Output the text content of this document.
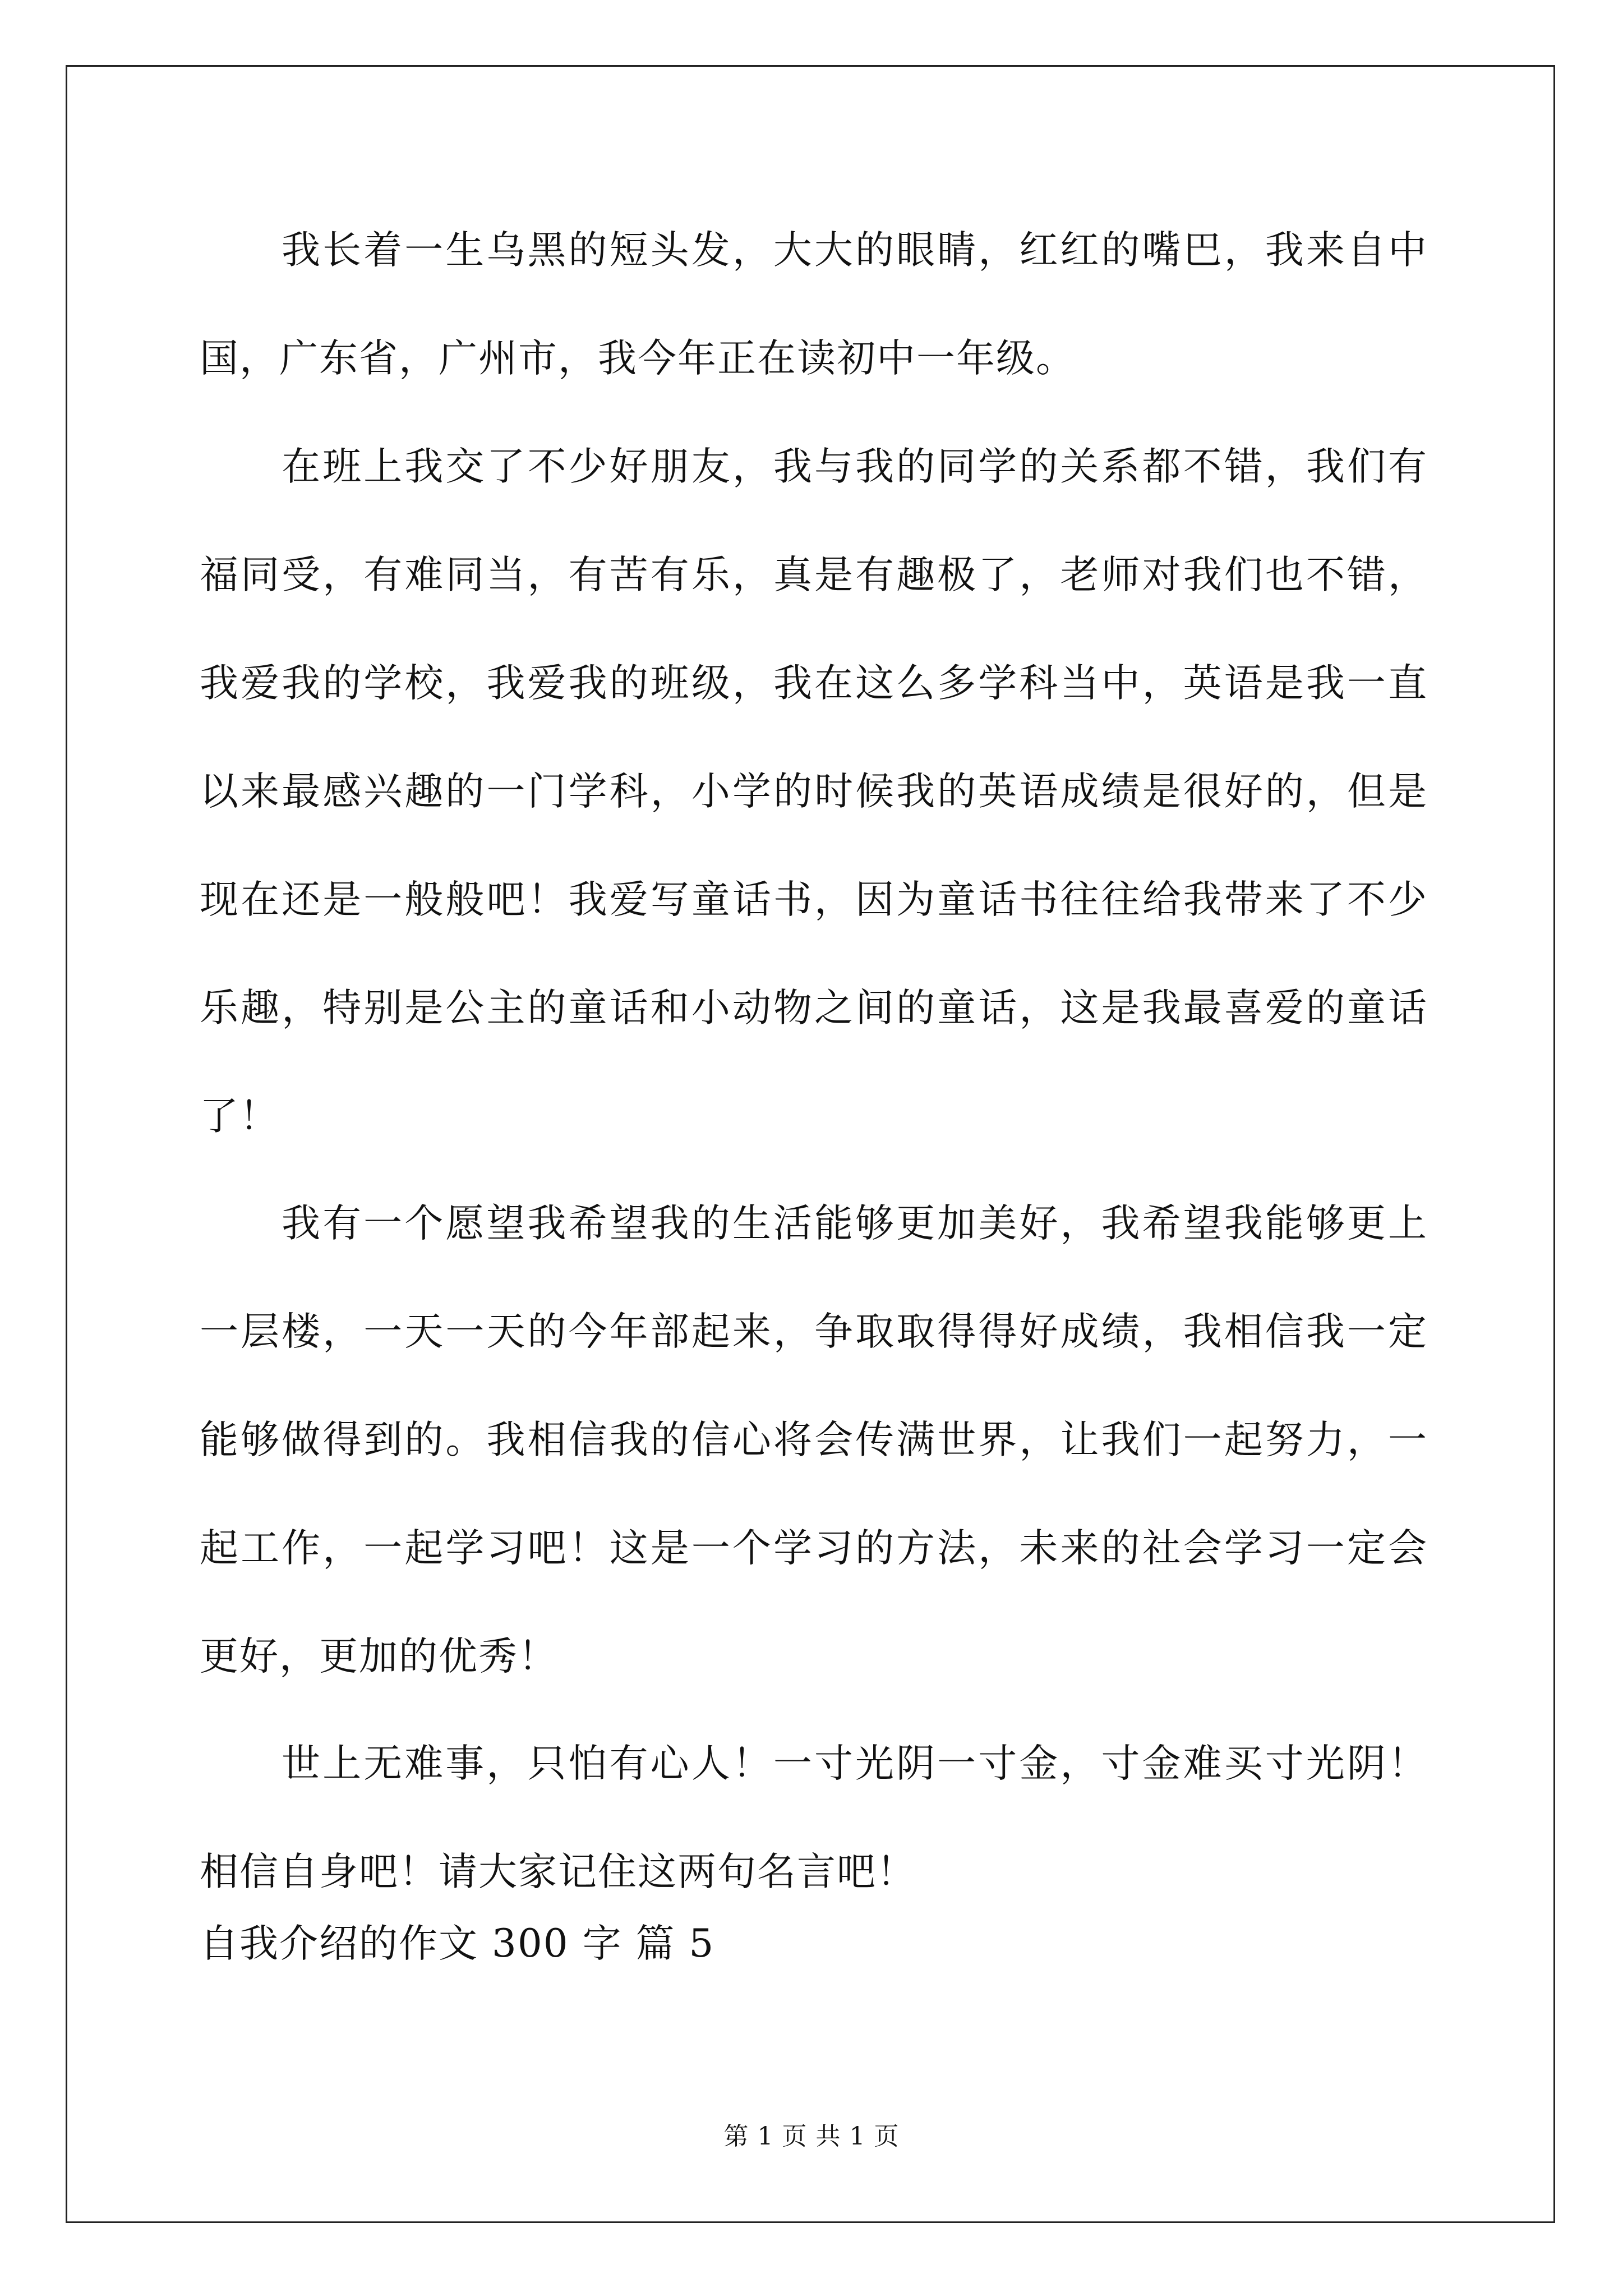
我长着一生乌黑的短头发，大大的眼睛，红红的嘴巴，我来自中国，广东省，广州市，我今年正在读初中一年级。

在班上我交了不少好朋友，我与我的同学的关系都不错，我们有福同受，有难同当，有苦有乐，真是有趣极了，老师对我们也不错，我爱我的学校，我爱我的班级，我在这么多学科当中，英语是我一直以来最感兴趣的一门学科，小学的时候我的英语成绩是很好的，但是现在还是一般般吧！我爱写童话书，因为童话书往往给我带来了不少乐趣，特别是公主的童话和小动物之间的童话，这是我最喜爱的童话了！

我有一个愿望我希望我的生活能够更加美好，我希望我能够更上一层楼，一天一天的今年部起来，争取取得得好成绩，我相信我一定能够做得到的。我相信我的信心将会传满世界，让我们一起努力，一起工作，一起学习吧！这是一个学习的方法，未来的社会学习一定会更好，更加的优秀！

世上无难事，只怕有心人！一寸光阴一寸金，寸金难买寸光阴！相信自身吧！请大家记住这两句名言吧！

自我介绍的作文 300 字 篇 5
第 1 页 共 1 页
